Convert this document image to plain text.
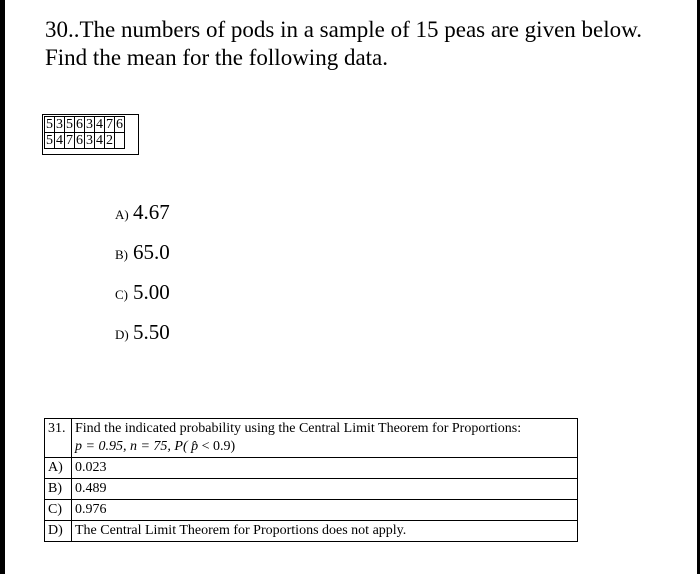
30..The numbers of pods in a sample of 15 peas are given below.
Find the mean for the following data.
5	3	5	6	3	4	7	6
5	4	7	6	3	4	2	
A) 4.67
B) 65.0
C) 5.00
D) 5.50
31.	Find the indicated probability using the Central Limit Theorem for Proportions:
p = 0.95, n = 75, P( p̂ < 0.9)

A)	0.023
B)	0.489
C)	0.976
D)	The Central Limit Theorem for Proportions does not apply.
